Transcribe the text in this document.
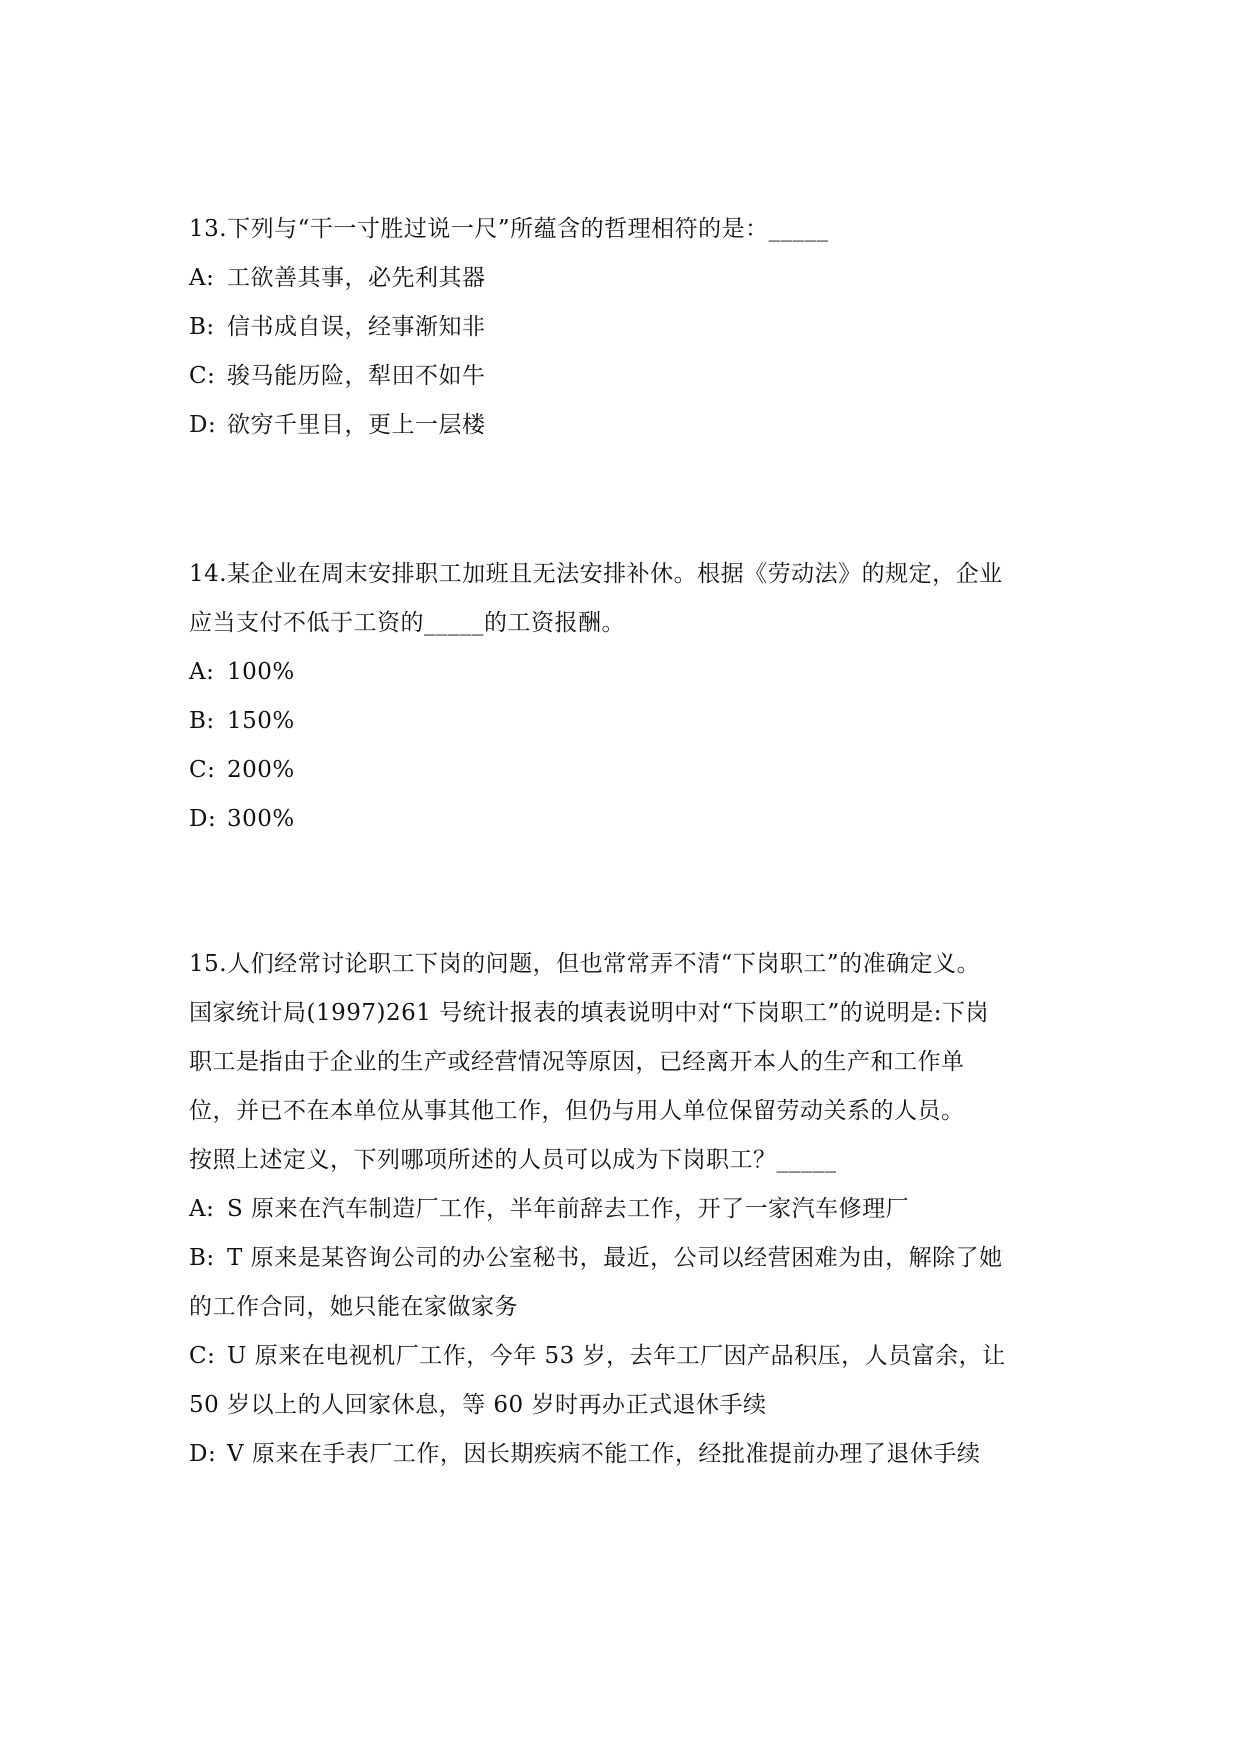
13.下列与“干一寸胜过说一尺”所蕴含的哲理相符的是：_____

A: 工欲善其事，必先利其器

B: 信书成自误，经事渐知非

C: 骏马能历险，犁田不如牛

D: 欲穷千里目，更上一层楼

14.某企业在周末安排职工加班且无法安排补休。根据《劳动法》的规定，企业
应当支付不低于工资的_____的工资报酬。

A: 100%

B: 150%

C: 200%

D: 300%

15.人们经常讨论职工下岗的问题，但也常常弄不清“下岗职工”的准确定义。
国家统计局(1997)261 号统计报表的填表说明中对“下岗职工”的说明是:下岗
职工是指由于企业的生产或经营情况等原因，已经离开本人的生产和工作单
位，并已不在本单位从事其他工作，但仍与用人单位保留劳动关系的人员。
按照上述定义，下列哪项所述的人员可以成为下岗职工？_____

A: S 原来在汽车制造厂工作，半年前辞去工作，开了一家汽车修理厂

B: T 原来是某咨询公司的办公室秘书，最近，公司以经营困难为由，解除了她
的工作合同，她只能在家做家务

C: U 原来在电视机厂工作，今年 53 岁，去年工厂因产品积压，人员富余，让
50 岁以上的人回家休息，等 60 岁时再办正式退休手续

D: V 原来在手表厂工作，因长期疾病不能工作，经批准提前办理了退休手续
